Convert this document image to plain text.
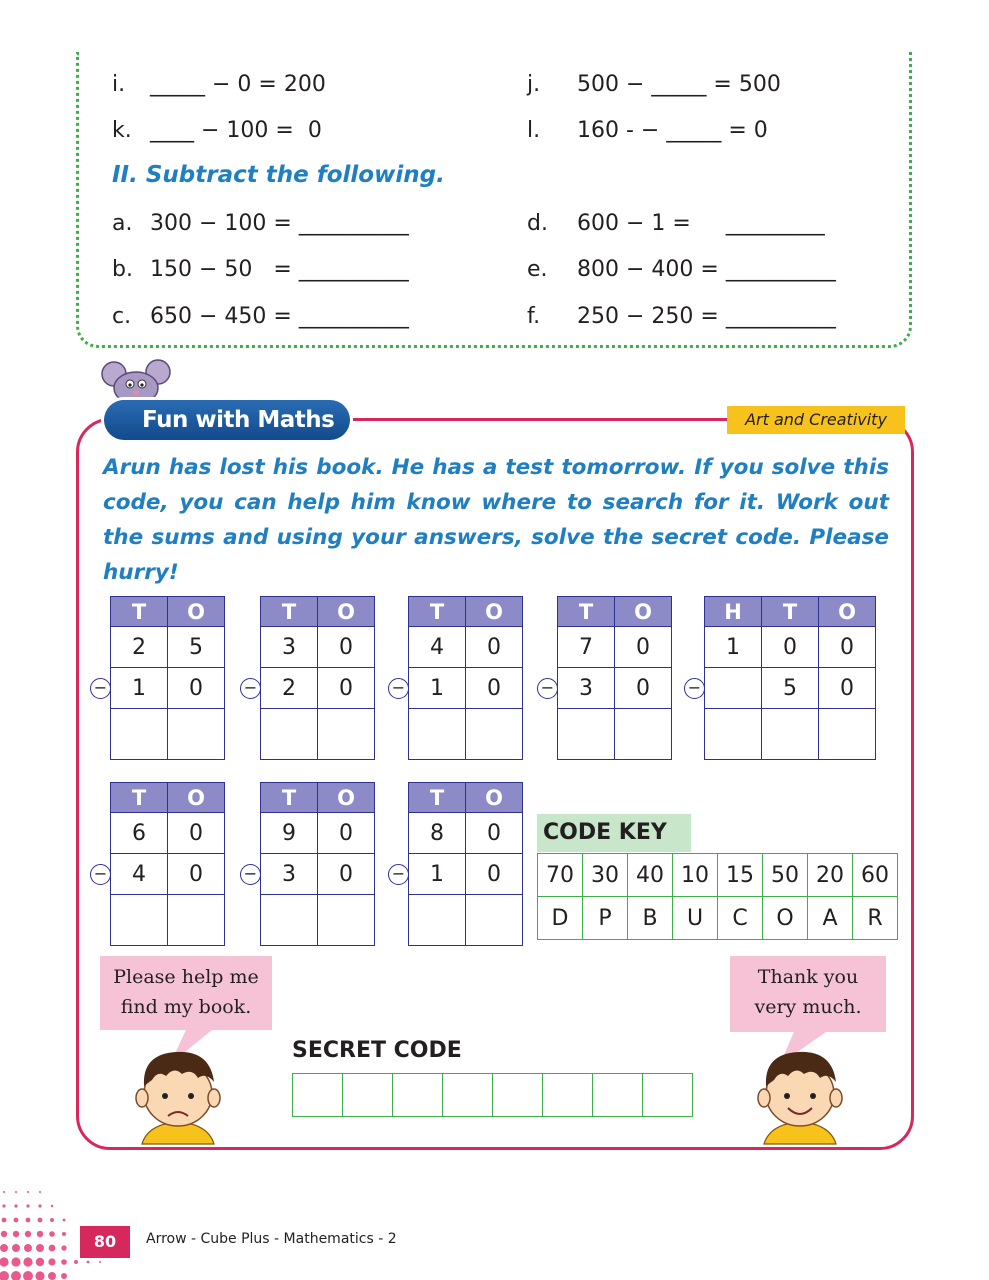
i. _____ − 0 = 200	j. 500 − _____ = 500
k. ____ − 100 =  0	l. 160 - − _____ = 0
II. Subtract the following.
a. 300 − 100 = __________	d. 600 − 1 =     _________
b. 150 − 50   = __________	e. 800 − 400 = __________
c. 650 − 450 = __________	f. 250 − 250 = __________
Fun with Maths	Art and Creativity
Arun has lost his book. He has a test tomorrow. If you solve this code, you can help him know where to search for it. Work out the sums and using your answers, solve the secret code. Please hurry!
T	O
2	5
1	0

−
T	O
3	0
2	0

−
T	O
4	0
1	0

−
T	O
7	0
3	0

−
H	T	O
1	0	0
	5	0

−
T	O
6	0
4	0

−
T	O
9	0
3	0

−
T	O
8	0
1	0

−
CODE KEY
70	30	40	10	15	50	20	60
D	P	B	U	C	O	A	R
Please help me
find my book.
Thank you
very much.
SECRET CODE

80	Arrow - Cube Plus - Mathematics - 2
